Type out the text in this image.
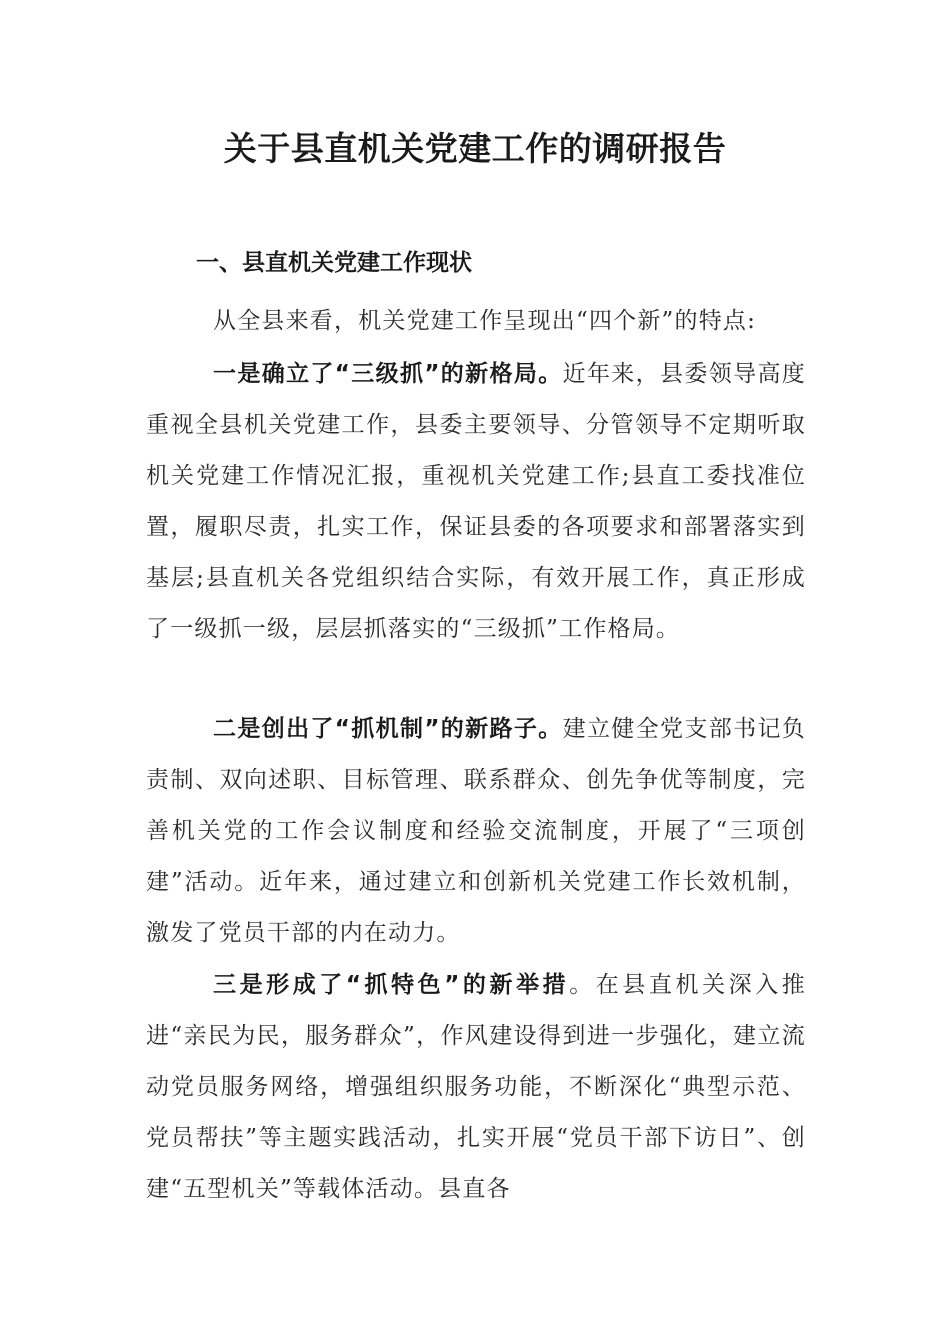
关于县直机关党建工作的调研报告
一、县直机关党建工作现状

从全县来看，机关党建工作呈现出“四个新”的特点:

一是确立了“三级抓”的新格局。近年来，县委领导高度重视全县机关党建工作，县委主要领导、分管领导不定期听取机关党建工作情况汇报，重视机关党建工作;县直工委找准位置，履职尽责，扎实工作，保证县委的各项要求和部署落实到基层;县直机关各党组织结合实际，有效开展工作，真正形成了一级抓一级，层层抓落实的“三级抓”工作格局。

二是创出了“抓机制”的新路子。建立健全党支部书记负责制、双向述职、目标管理、联系群众、创先争优等制度，完善机关党的工作会议制度和经验交流制度，开展了“三项创建”活动。近年来，通过建立和创新机关党建工作长效机制，激发了党员干部的内在动力。

三是形成了“抓特色”的新举措。在县直机关深入推进“亲民为民，服务群众”，作风建设得到进一步强化，建立流动党员服务网络，增强组织服务功能，不断深化“典型示范、党员帮扶”等主题实践活动，扎实开展“党员干部下访日”、创建“五型机关”等载体活动。县直各
